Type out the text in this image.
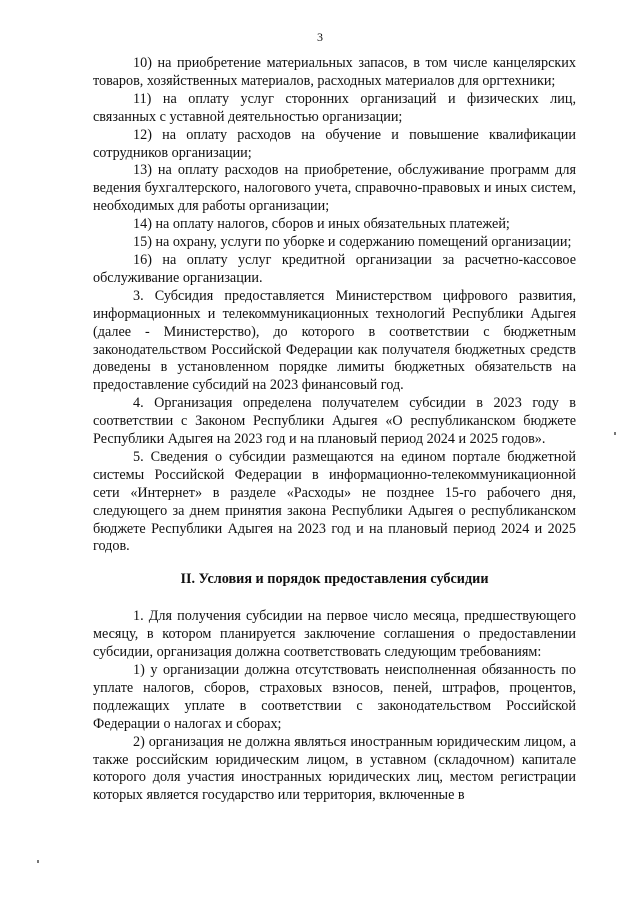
3

10) на приобретение материальных запасов, в том числе канцелярских товаров, хозяйственных материалов, расходных материалов для оргтехники;

11) на оплату услуг сторонних организаций и физических лиц, связанных с уставной деятельностью организации;

12) на оплату расходов на обучение и повышение квалификации сотрудников организации;

13) на оплату расходов на приобретение, обслуживание программ для ведения бухгалтерского, налогового учета, справочно-правовых и иных систем, необходимых для работы организации;

14) на оплату налогов, сборов и иных обязательных платежей;

15) на охрану, услуги по уборке и содержанию помещений организации;

16) на оплату услуг кредитной организации за расчетно-кассовое обслуживание организации.

3. Субсидия предоставляется Министерством цифрового развития, информационных и телекоммуникационных технологий Республики Адыгея (далее - Министерство), до которого в соответствии с бюджетным законодательством Российской Федерации как получателя бюджетных средств доведены в установленном порядке лимиты бюджетных обязательств на предоставление субсидий на 2023 финансовый год.

4. Организация определена получателем субсидии в 2023 году в соответствии с Законом Республики Адыгея «О республиканском бюджете Республики Адыгея на 2023 год и на плановый период 2024 и 2025 годов».

5. Сведения о субсидии размещаются на едином портале бюджетной системы Российской Федерации в информационно-телекоммуникационной сети «Интернет» в разделе «Расходы» не позднее 15-го рабочего дня, следующего за днем принятия закона Республики Адыгея о республиканском бюджете Республики Адыгея на 2023 год и на плановый период 2024 и 2025 годов.

II. Условия и порядок предоставления субсидии

1. Для получения субсидии на первое число месяца, предшествующего месяцу, в котором планируется заключение соглашения о предоставлении субсидии, организация должна соответствовать следующим требованиям:

1) у организации должна отсутствовать неисполненная обязанность по уплате налогов, сборов, страховых взносов, пеней, штрафов, процентов, подлежащих уплате в соответствии с законодательством Российской Федерации о налогах и сборах;

2) организация не должна являться иностранным юридическим лицом, а также российским юридическим лицом, в уставном (складочном) капитале которого доля участия иностранных юридических лиц, местом регистрации которых является государство или территория, включенные в
